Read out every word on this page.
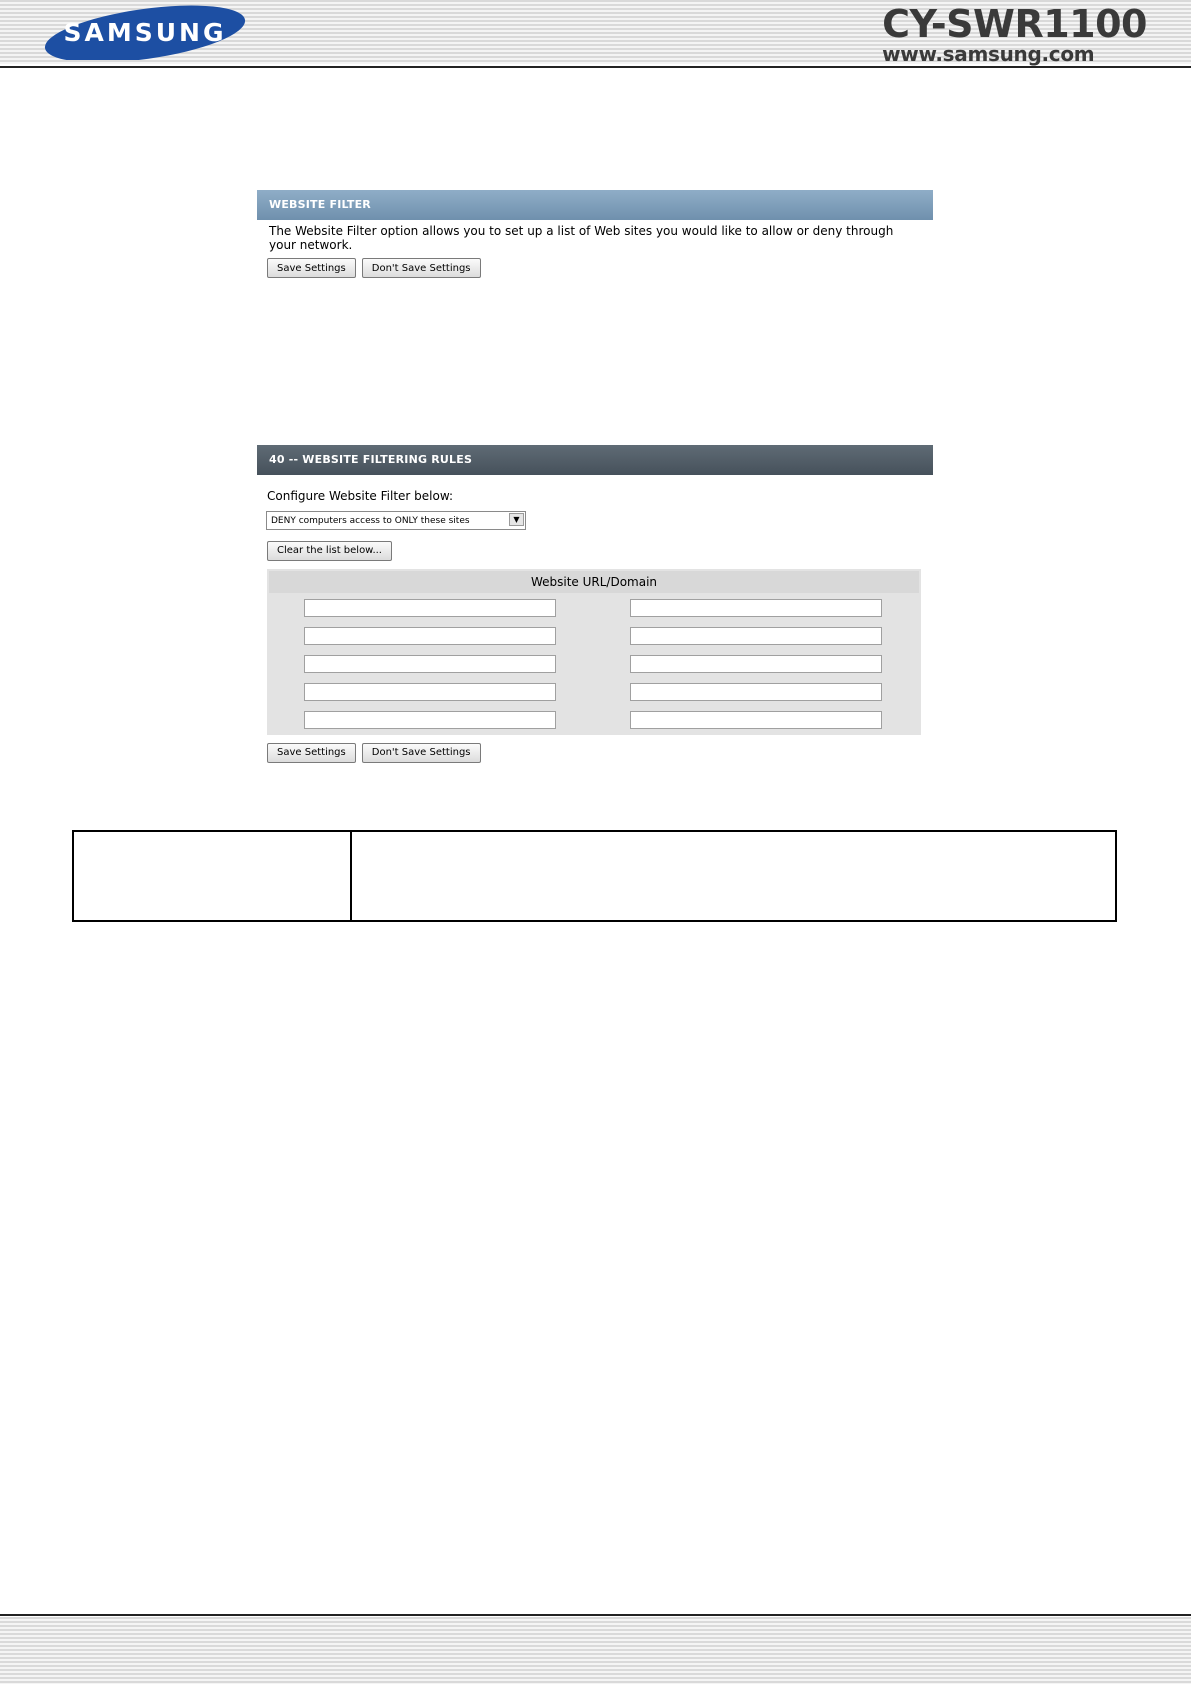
SAMSUNG	CY-SWR1100
www.samsung.com
WEBSITE FILTER
The Website Filter option allows you to set up a list of Web sites you would like to allow or deny through your network.
Save Settings	Don't Save Settings
40 -- WEBSITE FILTERING RULES
Configure Website Filter below:
DENY computers access to ONLY these sites	▼
Clear the list below...
Website URL/Domain			

Save Settings	Don't Save Settings
